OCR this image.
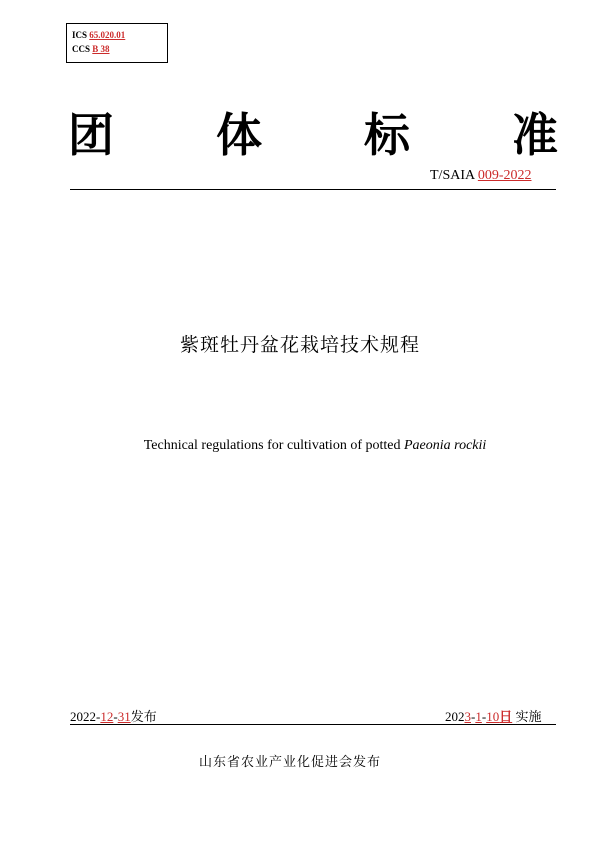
ICS 65.020.01
CCS B 38
团 体 标 准
T/SAIA 009-2022
紫斑牡丹盆花栽培技术规程
Technical regulations for cultivation of potted Paeonia rockii
2022-12-31发布	2023-1-10日 实施
山东省农业产业化促进会发布
